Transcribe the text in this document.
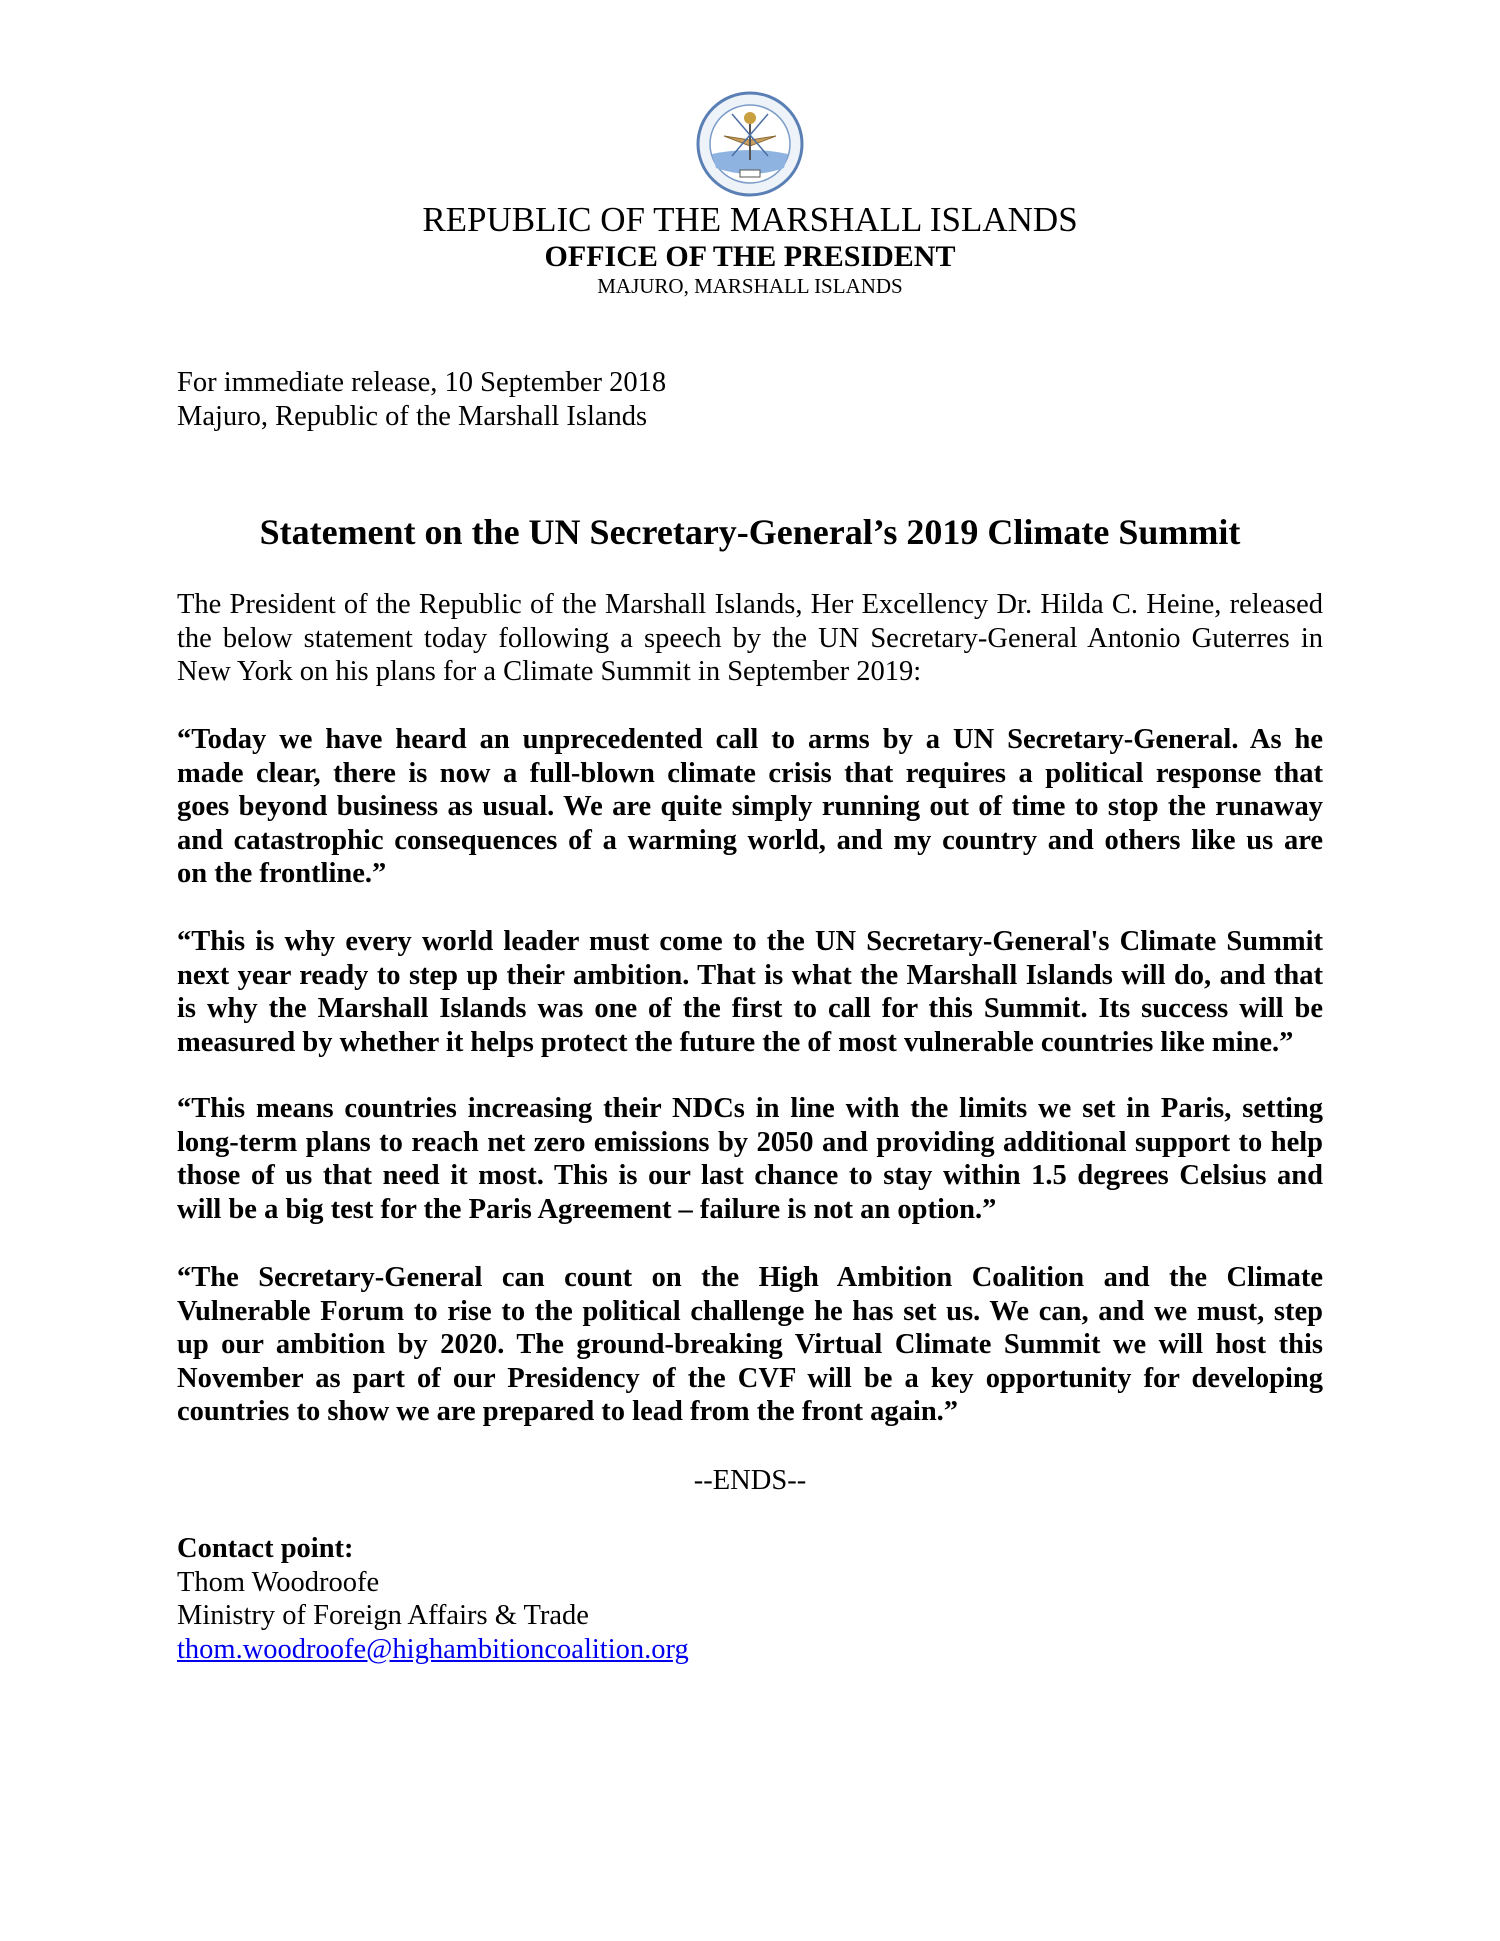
REPUBLIC OF THE MARSHALL ISLANDS
OFFICE OF THE PRESIDENT
MAJURO, MARSHALL ISLANDS
For immediate release, 10 September 2018
Majuro, Republic of the Marshall Islands
Statement on the UN Secretary-General’s 2019 Climate Summit
The President of the Republic of the Marshall Islands, Her Excellency Dr. Hilda C. Heine, released
the below statement today following a speech by the UN Secretary-General Antonio Guterres in
New York on his plans for a Climate Summit in September 2019:
“Today we have heard an unprecedented call to arms by a UN Secretary-General. As he
made clear, there is now a full-blown climate crisis that requires a political response that
goes beyond business as usual. We are quite simply running out of time to stop the runaway
and catastrophic consequences of a warming world, and my country and others like us are
on the frontline.”
“This is why every world leader must come to the UN Secretary-General's Climate Summit
next year ready to step up their ambition. That is what the Marshall Islands will do, and that
is why the Marshall Islands was one of the first to call for this Summit. Its success will be
measured by whether it helps protect the future the of most vulnerable countries like mine.”
“This means countries increasing their NDCs in line with the limits we set in Paris, setting
long-term plans to reach net zero emissions by 2050 and providing additional support to help
those of us that need it most. This is our last chance to stay within 1.5 degrees Celsius and
will be a big test for the Paris Agreement – failure is not an option.”
“The Secretary-General can count on the High Ambition Coalition and the Climate
Vulnerable Forum to rise to the political challenge he has set us. We can, and we must, step
up our ambition by 2020. The ground-breaking Virtual Climate Summit we will host this
November as part of our Presidency of the CVF will be a key opportunity for developing
countries to show we are prepared to lead from the front again.”
--ENDS--
Contact point:
Thom Woodroofe
Ministry of Foreign Affairs & Trade
thom.woodroofe@highambitioncoalition.org
